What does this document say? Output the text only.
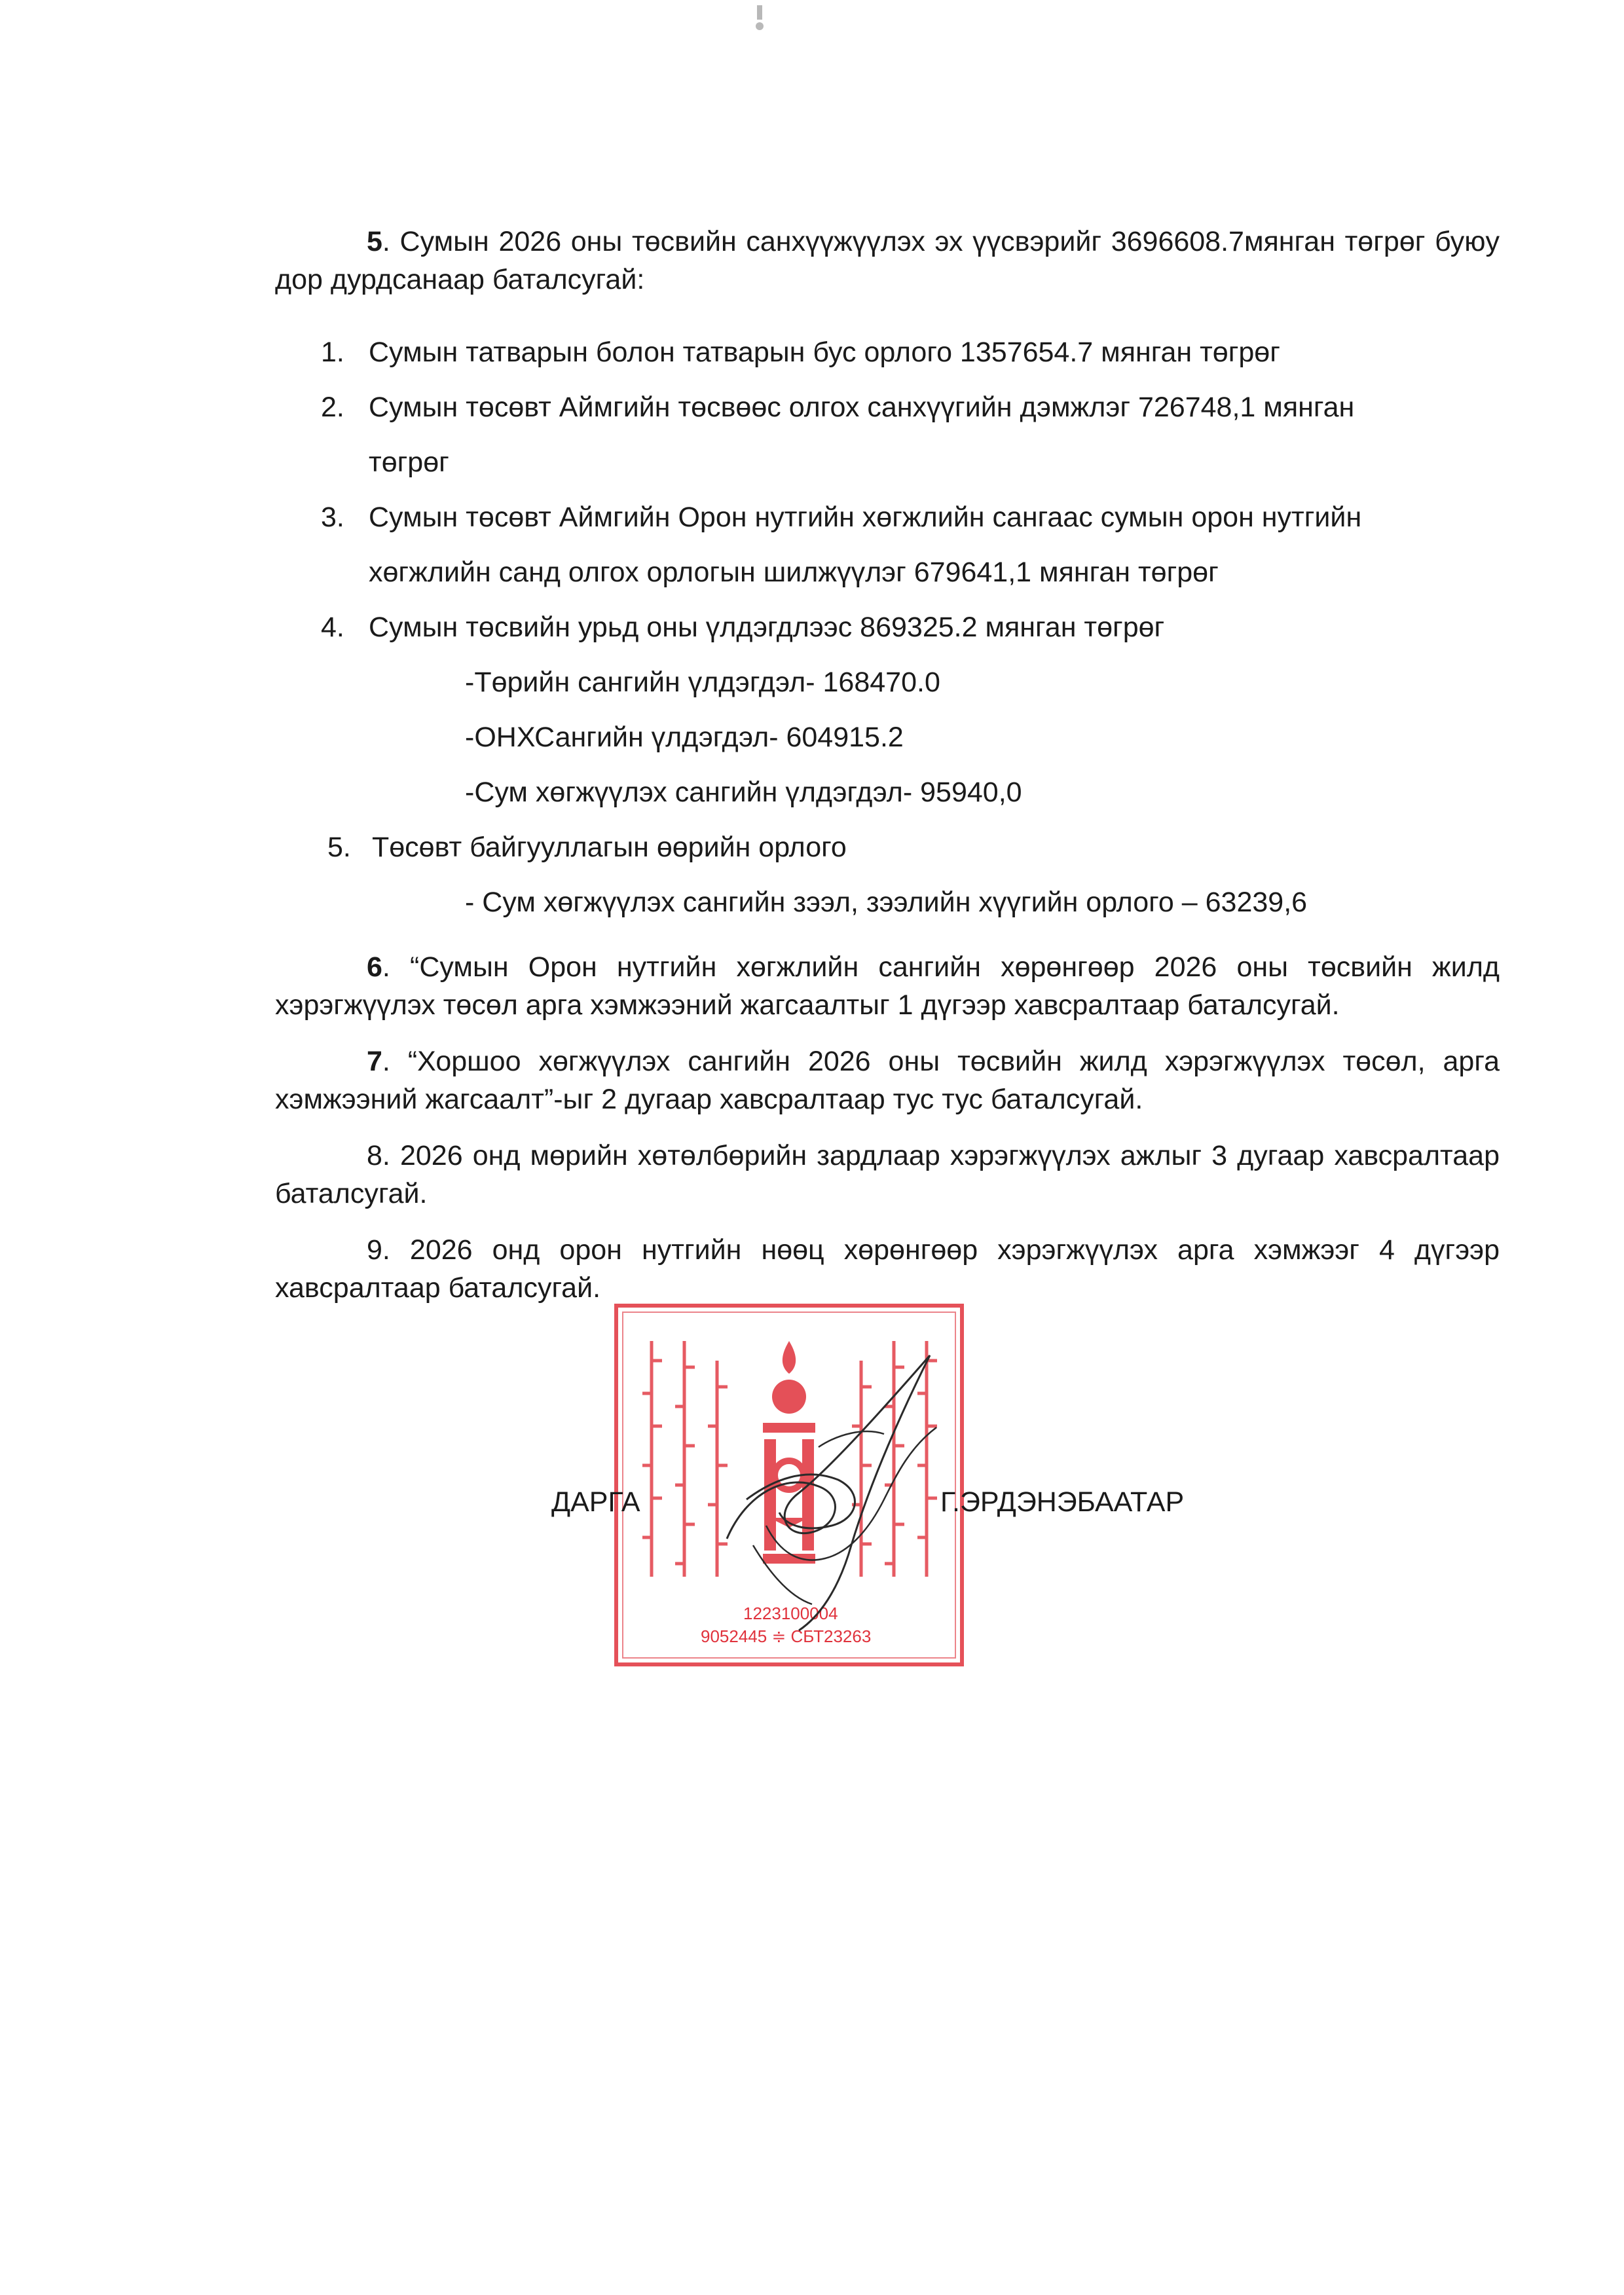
5. Сумын 2026 оны төсвийн санхүүжүүлэх эх үүсвэрийг 3696608.7мянган төгрөг буюу дор дурдсанаар баталсугай:

1. Сумын татварын болон татварын бус орлого 1357654.7 мянган төгрөг
2. Сумын төсөвт Аймгийн төсвөөс олгох санхүүгийн дэмжлэг 726748,1 мянган
төгрөг
3. Сумын төсөвт Аймгийн Орон нутгийн хөгжлийн сангаас сумын орон нутгийн
хөгжлийн санд олгох орлогын шилжүүлэг 679641,1 мянган төгрөг
4. Сумын төсвийн урьд оны үлдэгдлээс 869325.2 мянган төгрөг

-Төрийн сангийн үлдэгдэл- 168470.0

-ОНХСангийн үлдэгдэл- 604915.2

-Сум хөгжүүлэх сангийн үлдэгдэл- 95940,0

5. Төсөвт байгууллагын өөрийн орлого

- Сум хөгжүүлэх сангийн зээл, зээлийн хүүгийн орлого – 63239,6

6. “Сумын Орон нутгийн хөгжлийн сангийн хөрөнгөөр 2026 оны төсвийн жилд хэрэгжүүлэх төсөл арга хэмжээний жагсаалтыг 1 дүгээр хавсралтаар баталсугай.

7. “Хоршоо хөгжүүлэх сангийн 2026 оны төсвийн жилд хэрэгжүүлэх төсөл, арга хэмжээний жагсаалт”-ыг 2 дугаар хавсралтаар тус тус баталсугай.

8. 2026 онд мөрийн хөтөлбөрийн зардлаар хэрэгжүүлэх ажлыг 3 дугаар хавсралтаар баталсугай.

9. 2026 онд орон нутгийн нөөц хөрөнгөөр хэрэгжүүлэх арга хэмжээг 4 дүгээр хавсралтаар баталсугай.

1223100004
9052445 ≑ СБТ23263
ДАРГА	Г.ЭРДЭНЭБААТАР
